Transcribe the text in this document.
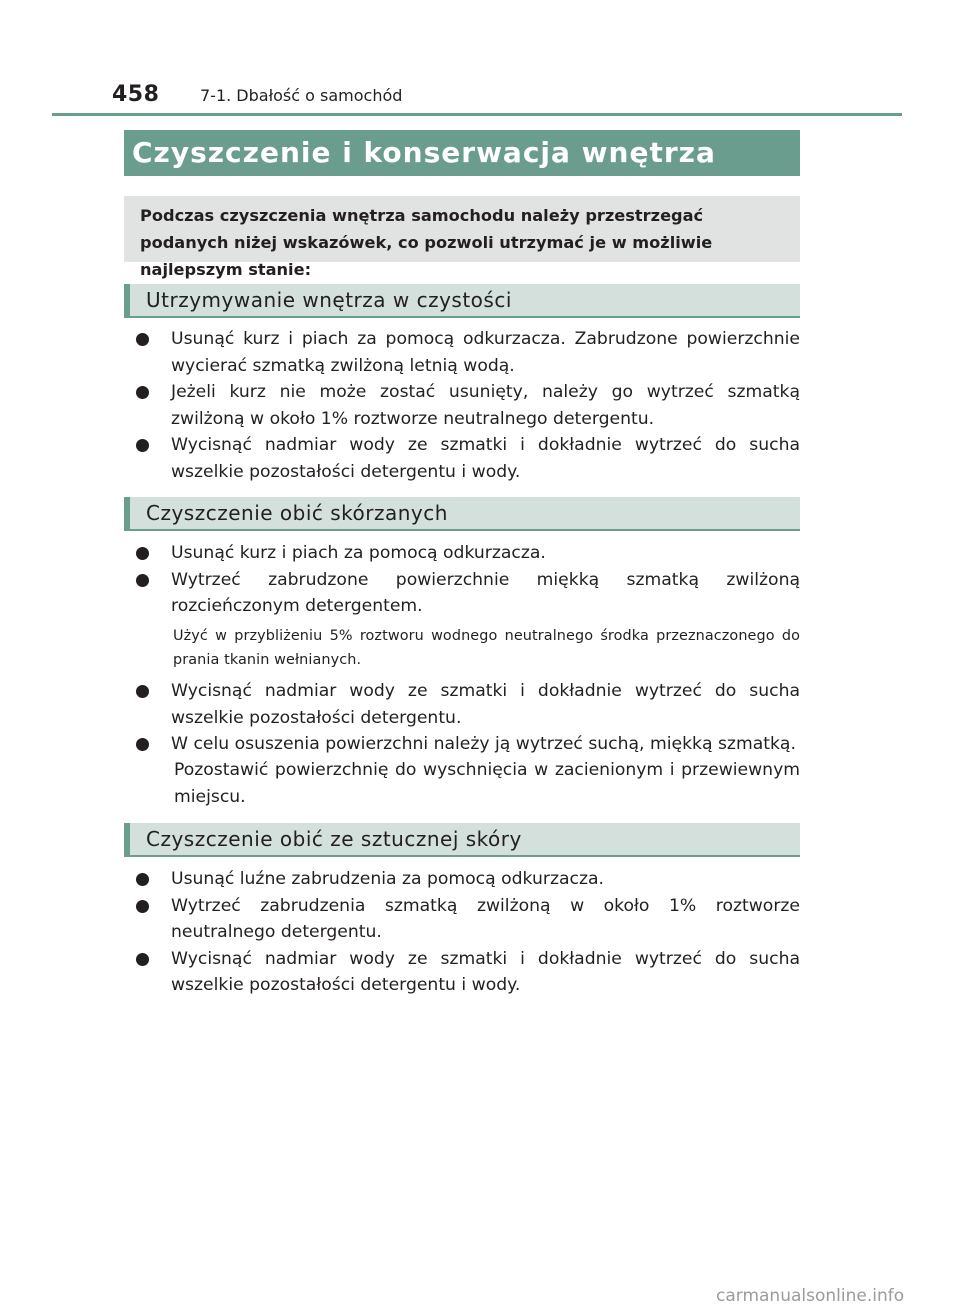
458	7-1. Dbałość o samochód
Czyszczenie i konserwacja wnętrza
Podczas czyszczenia wnętrza samochodu należy przestrzegać podanych niżej wskazówek, co pozwoli utrzymać je w możliwie najlepszym stanie:
Utrzymywanie wnętrza w czystości
Usunąć kurz i piach za pomocą odkurzacza. Zabrudzone powierzchnie wycierać szmatką zwilżoną letnią wodą.
Jeżeli kurz nie może zostać usunięty, należy go wytrzeć szmatką zwilżoną w około 1% roztworze neutralnego detergentu.
Wycisnąć nadmiar wody ze szmatki i dokładnie wytrzeć do sucha wszelkie pozostałości detergentu i wody.
Czyszczenie obić skórzanych
Usunąć kurz i piach za pomocą odkurzacza.
Wytrzeć zabrudzone powierzchnie miękką szmatką zwilżoną rozcieńczonym detergentem.
Użyć w przybliżeniu 5% roztworu wodnego neutralnego środka przeznaczonego do prania tkanin wełnianych.
Wycisnąć nadmiar wody ze szmatki i dokładnie wytrzeć do sucha wszelkie pozostałości detergentu.
W celu osuszenia powierzchni należy ją wytrzeć suchą, miękką szmatką.
Pozostawić powierzchnię do wyschnięcia w zacienionym i przewiewnym miejscu.
Czyszczenie obić ze sztucznej skóry
Usunąć luźne zabrudzenia za pomocą odkurzacza.
Wytrzeć zabrudzenia szmatką zwilżoną w około 1% roztworze neutralnego detergentu.
Wycisnąć nadmiar wody ze szmatki i dokładnie wytrzeć do sucha wszelkie pozostałości detergentu i wody.
carmanualsonline.info
